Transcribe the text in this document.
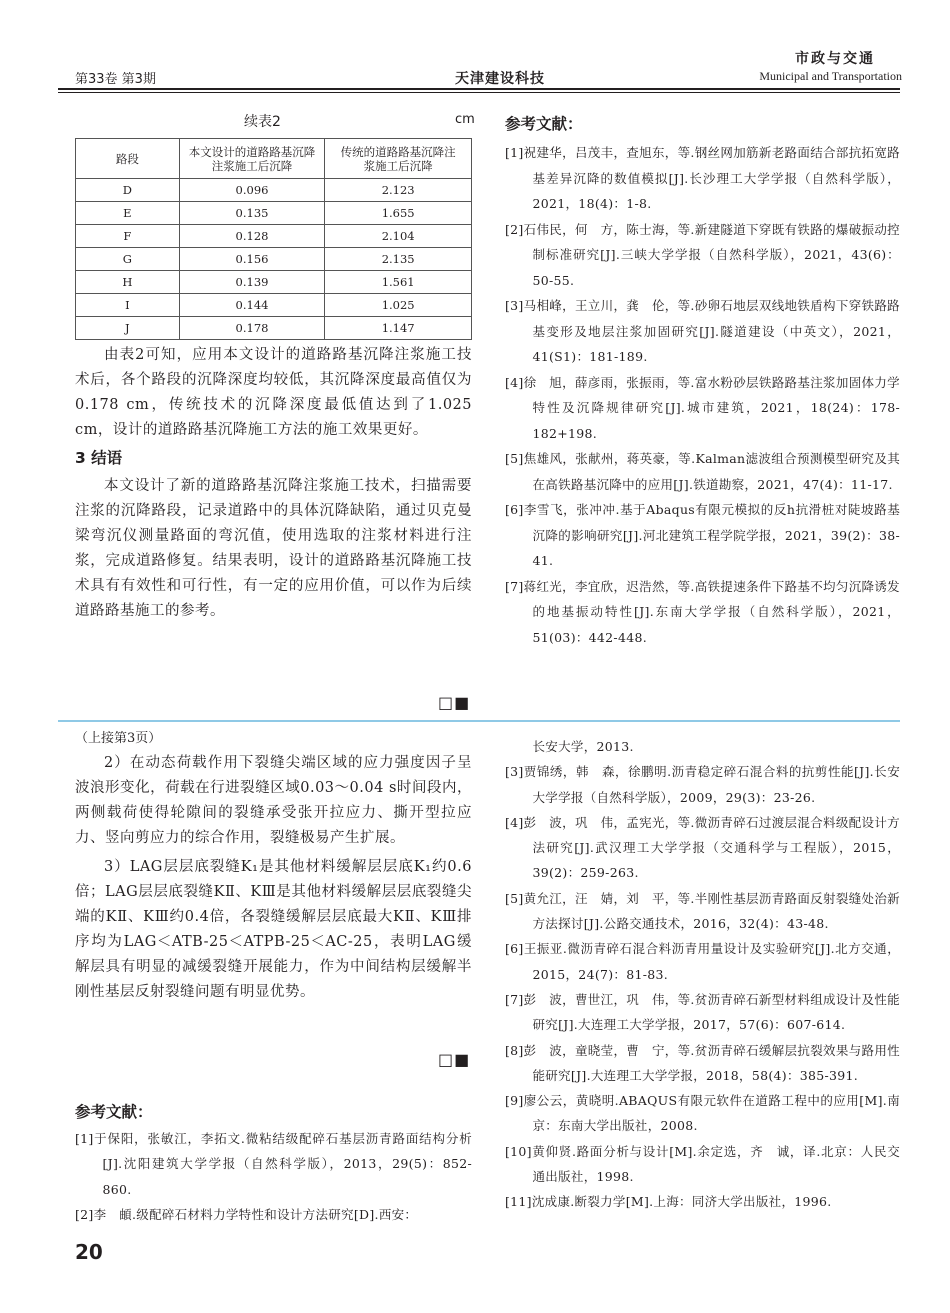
第33卷 第3期	天津建设科技
市政与交通
Municipal and Transportation
续表2	cm
路段	本文设计的道路路基沉降注浆施工后沉降	传统的道路路基沉降注浆施工后沉降
D	0.096	2.123
E	0.135	1.655
F	0.128	2.104
G	0.156	2.135
H	0.139	1.561
I	0.144	1.025
J	0.178	1.147

由表2可知，应用本文设计的道路路基沉降注浆施工技术后，各个路段的沉降深度均较低，其沉降深度最高值仅为0.178 cm，传统技术的沉降深度最低值达到了1.025 cm，设计的道路路基沉降施工方法的施工效果更好。

3 结语

本文设计了新的道路路基沉降注浆施工技术，扫描需要注浆的沉降路段，记录道路中的具体沉降缺陷，通过贝克曼梁弯沉仪测量路面的弯沉值，使用选取的注浆材料进行注浆，完成道路修复。结果表明，设计的道路路基沉降施工技术具有有效性和可行性，有一定的应用价值，可以作为后续道路路基施工的参考。

□■
参考文献：

[1]祝建华，吕茂丰，查旭东，等.钢丝网加筋新老路面结合部抗拓宽路基差异沉降的数值模拟[J].长沙理工大学学报（自然科学版），2021，18(4)：1-8.

[2]石伟民，何　方，陈士海，等.新建隧道下穿既有铁路的爆破振动控制标准研究[J].三峡大学学报（自然科学版），2021，43(6)：50-55.

[3]马相峰，王立川，龚　伦，等.砂卵石地层双线地铁盾构下穿铁路路基变形及地层注浆加固研究[J].隧道建设（中英文），2021，41(S1)：181-189.

[4]徐　旭，薛彦雨，张振雨，等.富水粉砂层铁路路基注浆加固体力学特性及沉降规律研究[J].城市建筑，2021，18(24)：178-182+198.

[5]焦雄风，张献州，蒋英豪，等.Kalman滤波组合预测模型研究及其在高铁路基沉降中的应用[J].铁道勘察，2021，47(4)：11-17.

[6]李雪飞，张冲冲.基于Abaqus有限元模拟的反h抗滑桩对陡坡路基沉降的影响研究[J].河北建筑工程学院学报，2021，39(2)：38-41.

[7]蒋红光，李宜欣，迟浩然，等.高铁提速条件下路基不均匀沉降诱发的地基振动特性[J].东南大学学报（自然科学版），2021，51(03)：442-448.

（上接第3页）

2）在动态荷载作用下裂缝尖端区域的应力强度因子呈波浪形变化，荷载在行进裂缝区域0.03～0.04 s时间段内，两侧载荷使得轮隙间的裂缝承受张开拉应力、撕开型拉应力、竖向剪应力的综合作用，裂缝极易产生扩展。

3）LAG层层底裂缝K₁是其他材料缓解层层底K₁约0.6倍；LAG层层底裂缝KⅡ、KⅢ是其他材料缓解层层底裂缝尖端的KⅡ、KⅢ约0.4倍，各裂缝缓解层层底最大KⅡ、KⅢ排序均为LAG＜ATB-25＜ATPB-25＜AC-25，表明LAG缓解层具有明显的减缓裂缝开展能力，作为中间结构层缓解半刚性基层反射裂缝问题有明显优势。

□■
参考文献：

[1]于保阳，张敏江，李拓文.微粘结级配碎石基层沥青路面结构分析[J].沈阳建筑大学学报（自然科学版），2013，29(5)：852-860.

[2]李　頔.级配碎石材料力学特性和设计方法研究[D].西安：

长安大学，2013.

[3]贾锦绣，韩　森，徐鹏明.沥青稳定碎石混合料的抗剪性能[J].长安大学学报（自然科学版），2009，29(3)：23-26.

[4]彭　波，巩　伟，孟宪光，等.微沥青碎石过渡层混合料级配设计方法研究[J].武汉理工大学学报（交通科学与工程版），2015，39(2)：259-263.

[5]黄允江，汪　婧，刘　平，等.半刚性基层沥青路面反射裂缝处治新方法探讨[J].公路交通技术，2016，32(4)：43-48.

[6]王振亚.微沥青碎石混合料沥青用量设计及实验研究[J].北方交通，2015，24(7)：81-83.

[7]彭　波，曹世江，巩　伟，等.贫沥青碎石新型材料组成设计及性能研究[J].大连理工大学学报，2017，57(6)：607-614.

[8]彭　波，童晓莹，曹　宁，等.贫沥青碎石缓解层抗裂效果与路用性能研究[J].大连理工大学学报，2018，58(4)：385-391.

[9]廖公云，黄晓明.ABAQUS有限元软件在道路工程中的应用[M].南京：东南大学出版社，2008.

[10]黄仰贤.路面分析与设计[M].余定选，齐　诚，译.北京：人民交通出版社，1998.

[11]沈成康.断裂力学[M].上海：同济大学出版社，1996.

20
